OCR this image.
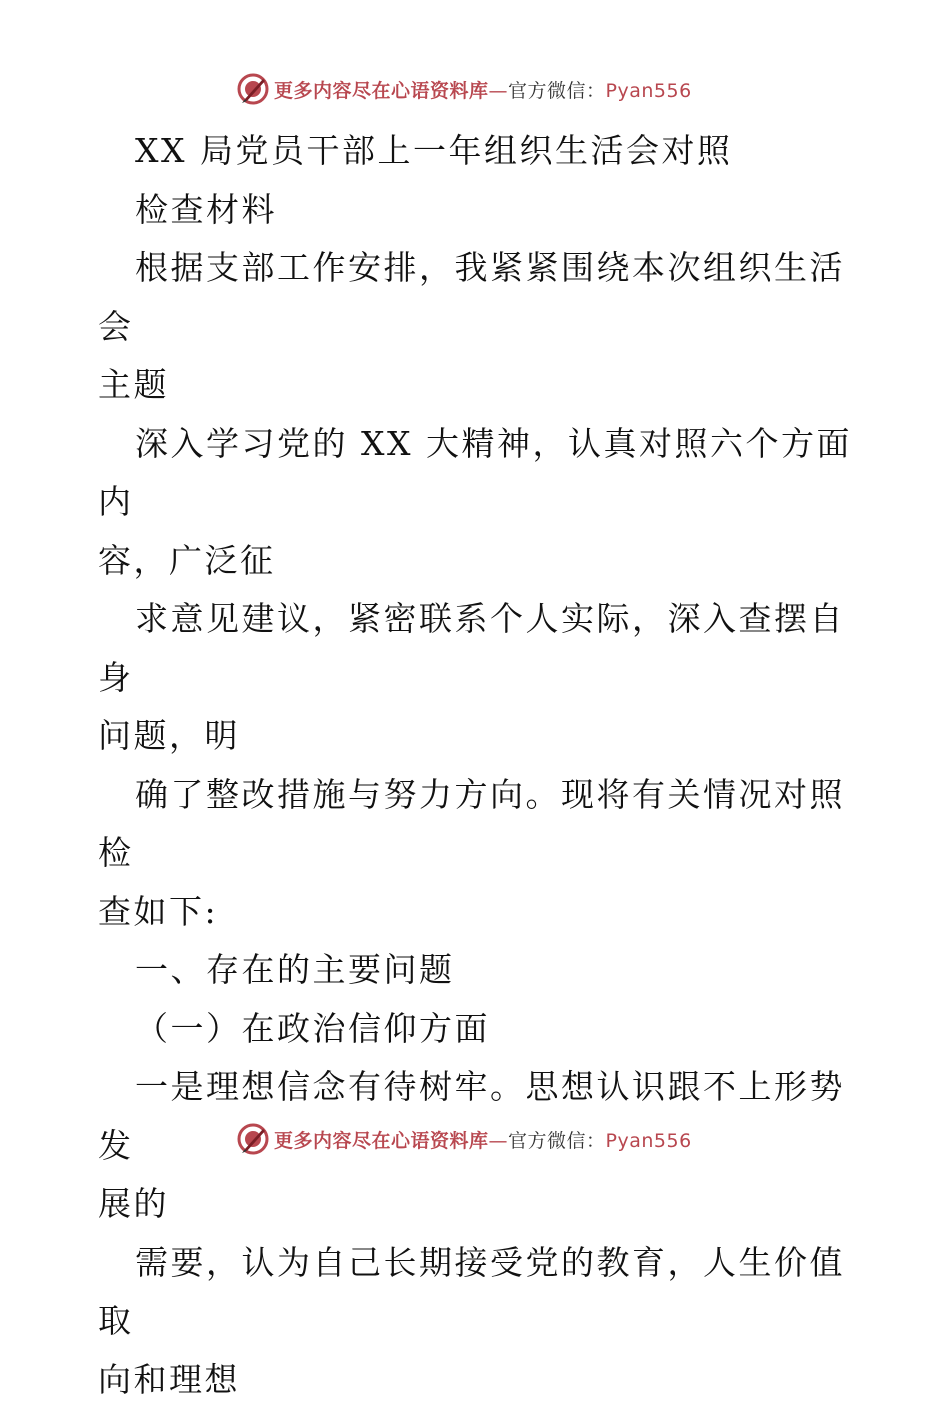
更多内容尽在心语资料库—官方微信：Pyan556

XX 局党员干部上一年组织生活会对照

检查材料

根据支部工作安排，我紧紧围绕本次组织生活会

主题

深入学习党的 XX 大精神，认真对照六个方面内

容，广泛征

求意见建议，紧密联系个人实际，深入查摆自身

问题，明

确了整改措施与努力方向。现将有关情况对照检

查如下:

一、存在的主要问题

（一）在政治信仰方面

一是理想信念有待树牢。思想认识跟不上形势发

展的

需要，认为自己长期接受党的教育，人生价值取

向和理想

更多内容尽在心语资料库—官方微信：Pyan556
